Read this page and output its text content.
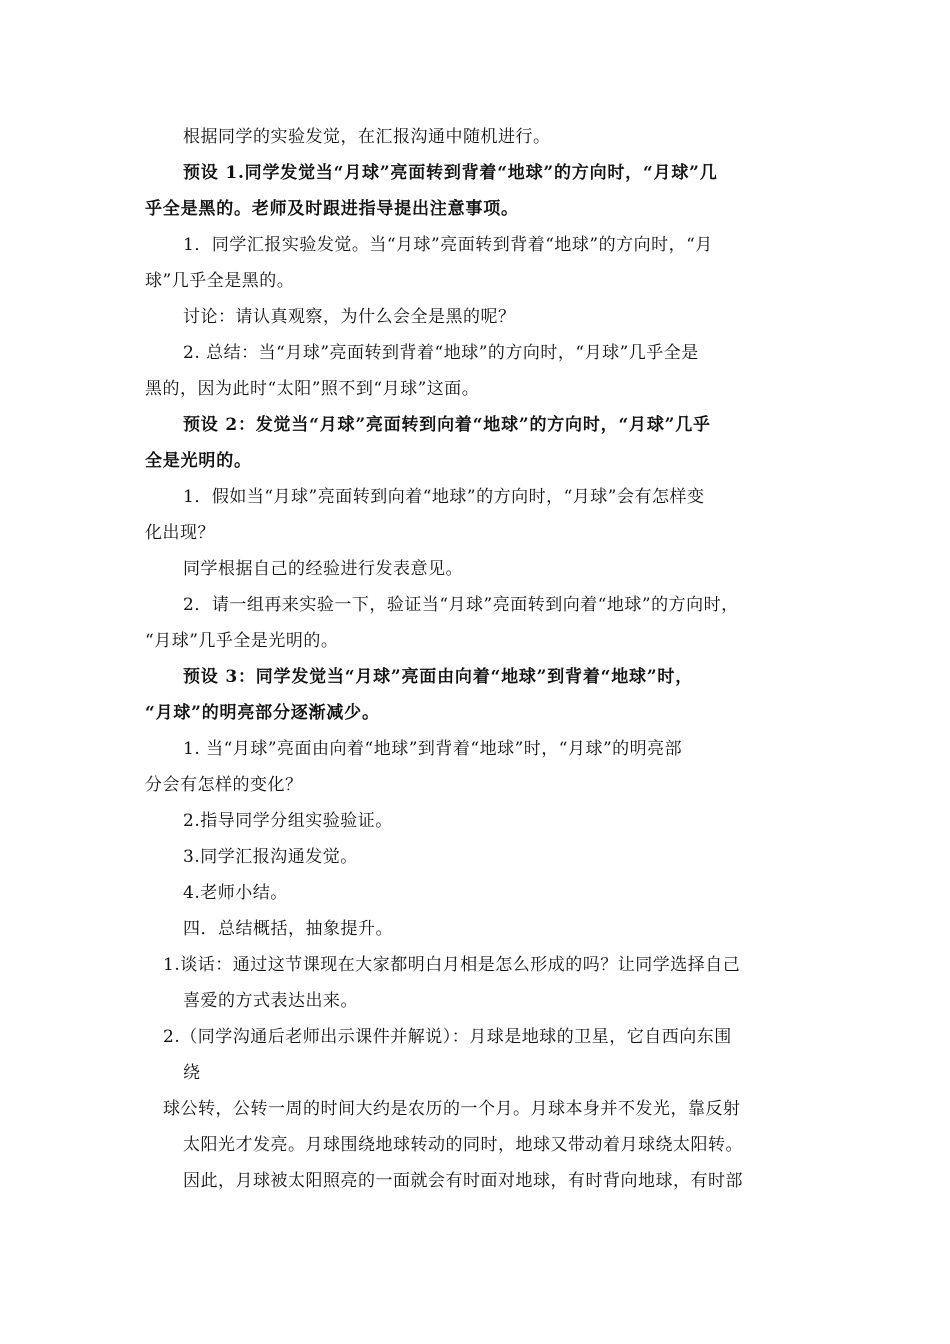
根据同学的实验发觉，在汇报沟通中随机进行。
预设 1.同学发觉当“月球”亮面转到背着“地球”的方向时，“月球”几
乎全是黑的。老师及时跟进指导提出注意事项。
1．同学汇报实验发觉。当“月球”亮面转到背着“地球”的方向时，“月
球”几乎全是黑的。
讨论：请认真观察，为什么会全是黑的呢？
2. 总结：当“月球”亮面转到背着“地球”的方向时，“月球”几乎全是
黑的，因为此时“太阳”照不到“月球”这面。
预设 2：发觉当“月球”亮面转到向着“地球”的方向时，“月球”几乎
全是光明的。
1．假如当“月球”亮面转到向着“地球”的方向时，“月球”会有怎样变
化出现？
同学根据自己的经验进行发表意见。
2．请一组再来实验一下，验证当“月球”亮面转到向着“地球”的方向时，
“月球”几乎全是光明的。
预设 3：同学发觉当“月球”亮面由向着“地球”到背着“地球”时，
“月球”的明亮部分逐渐减少。
1. 当“月球”亮面由向着“地球”到背着“地球”时，“月球”的明亮部
分会有怎样的变化？
2.指导同学分组实验验证。
3.同学汇报沟通发觉。
4.老师小结。
四．总结概括，抽象提升。
1.谈话：通过这节课现在大家都明白月相是怎么形成的吗？让同学选择自己
喜爱的方式表达出来。
2.（同学沟通后老师出示课件并解说）：月球是地球的卫星，它自西向东围
绕
球公转，公转一周的时间大约是农历的一个月。月球本身并不发光，靠反射
太阳光才发亮。月球围绕地球转动的同时，地球又带动着月球绕太阳转。
因此，月球被太阳照亮的一面就会有时面对地球，有时背向地球，有时部
